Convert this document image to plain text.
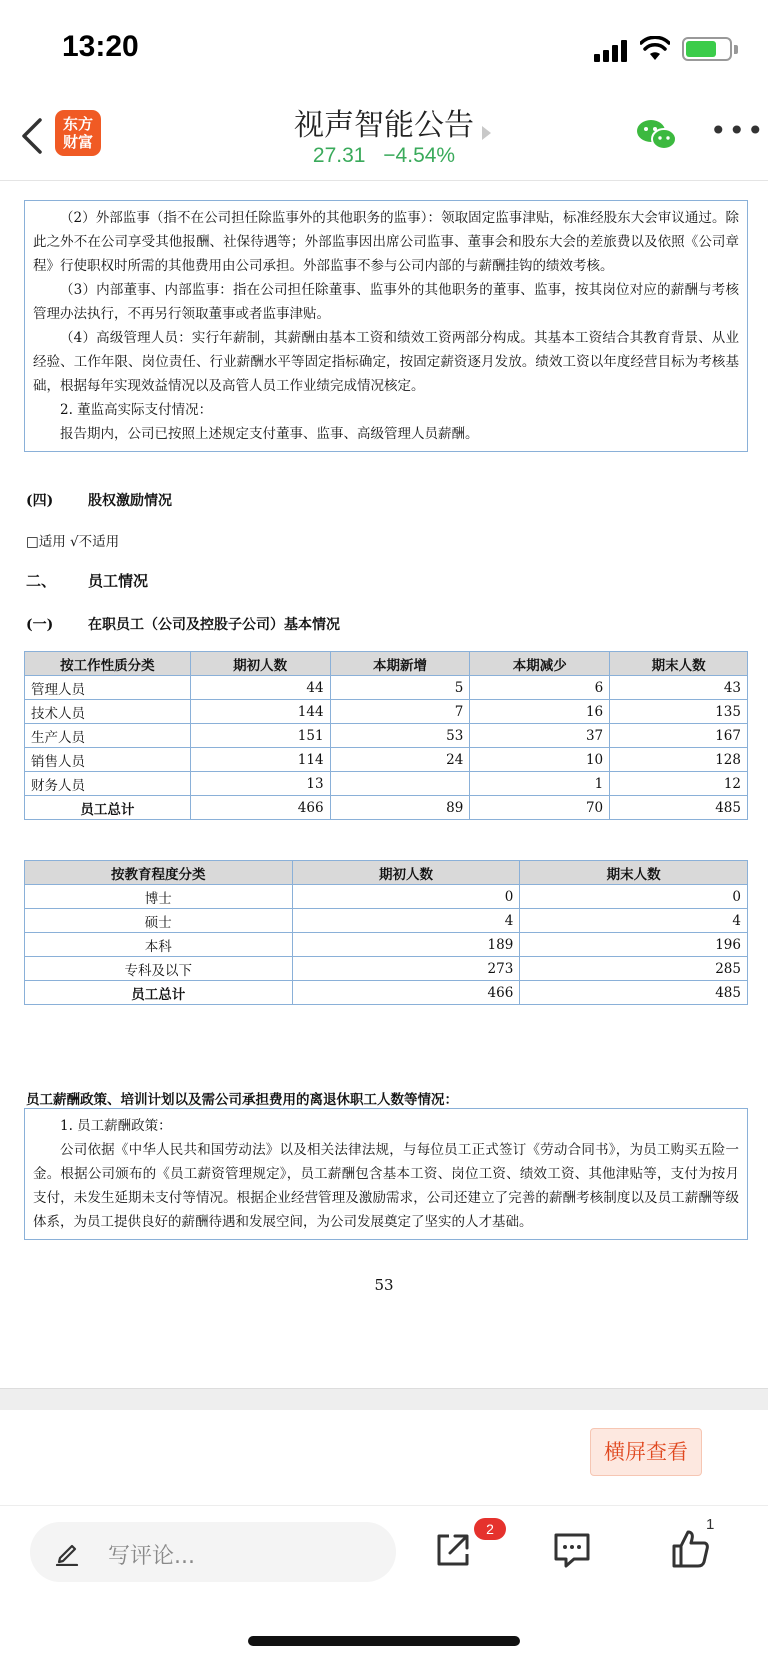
13:20
东方
财富	视声智能公告
27.31 −4.54%
•••

（2）外部监事（指不在公司担任除监事外的其他职务的监事）：领取固定监事津贴，标准经股东大会审议通过。除此之外不在公司享受其他报酬、社保待遇等；外部监事因出席公司监事、董事会和股东大会的差旅费以及依照《公司章程》行使职权时所需的其他费用由公司承担。外部监事不参与公司内部的与薪酬挂钩的绩效考核。

（3）内部董事、内部监事：指在公司担任除董事、监事外的其他职务的董事、监事，按其岗位对应的薪酬与考核管理办法执行，不再另行领取董事或者监事津贴。

（4）高级管理人员：实行年薪制，其薪酬由基本工资和绩效工资两部分构成。其基本工资结合其教育背景、从业经验、工作年限、岗位责任、行业薪酬水平等固定指标确定，按固定薪资逐月发放。绩效工资以年度经营目标为考核基础，根据每年实现效益情况以及高管人员工作业绩完成情况核定。

2. 董监高实际支付情况：

报告期内，公司已按照上述规定支付董事、监事、高级管理人员薪酬。

(四) 股权激励情况
□适用 √不适用
二、 员工情况
(一) 在职员工（公司及控股子公司）基本情况
按工作性质分类	期初人数	本期新增	本期减少	期末人数
管理人员	44	5	6	43
技术人员	144	7	16	135
生产人员	151	53	37	167
销售人员	114	24	10	128
财务人员	13		1	12
员工总计	466	89	70	485
按教育程度分类	期初人数	期末人数
博士	0	0
硕士	4	4
本科	189	196
专科及以下	273	285
员工总计	466	485
员工薪酬政策、培训计划以及需公司承担费用的离退休职工人数等情况：

1. 员工薪酬政策：

公司依据《中华人民共和国劳动法》以及相关法律法规，与每位员工正式签订《劳动合同书》，为员工购买五险一金。根据公司颁布的《员工薪资管理规定》，员工薪酬包含基本工资、岗位工资、绩效工资、其他津贴等，支付为按月支付，未发生延期未支付等情况。根据企业经营管理及激励需求，公司还建立了完善的薪酬考核制度以及员工薪酬等级体系，为员工提供良好的薪酬待遇和发展空间，为公司发展奠定了坚实的人才基础。

53
横屏查看
写评论...
2	1
